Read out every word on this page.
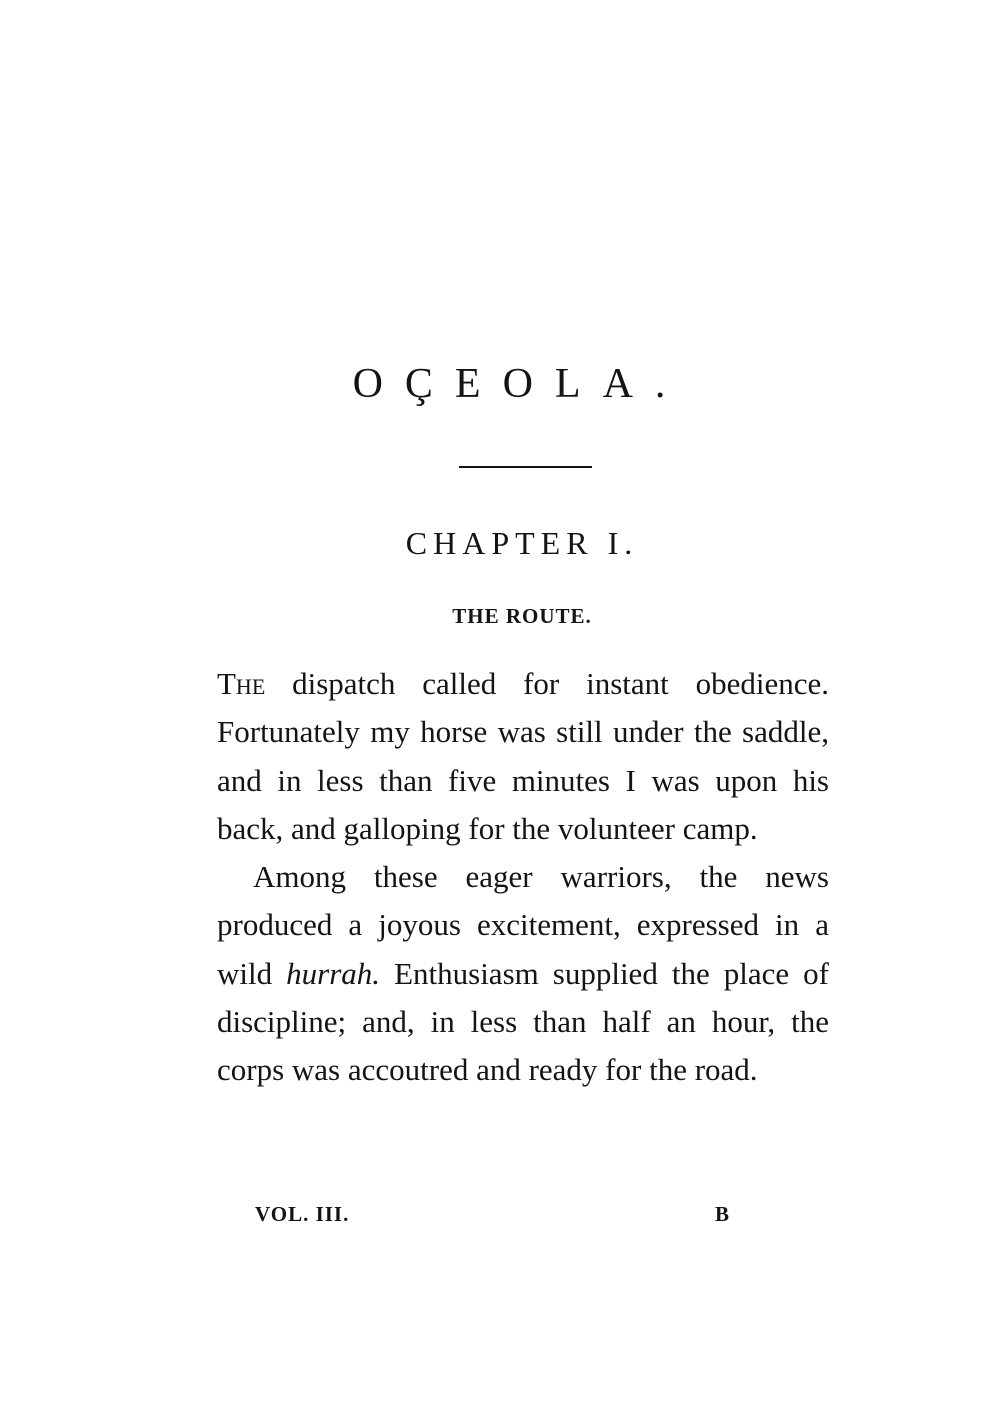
OÇEOLA.
CHAPTER I.
THE ROUTE.

The dispatch called for instant obedience. Fortunately my horse was still under the saddle, and in less than five minutes I was upon his back, and galloping for the volunteer camp.

Among these eager warriors, the news produced a joyous excitement, expressed in a wild hurrah. Enthusiasm supplied the place of discipline; and, in less than half an hour, the corps was accoutred and ready for the road.

VOL. III.	B
